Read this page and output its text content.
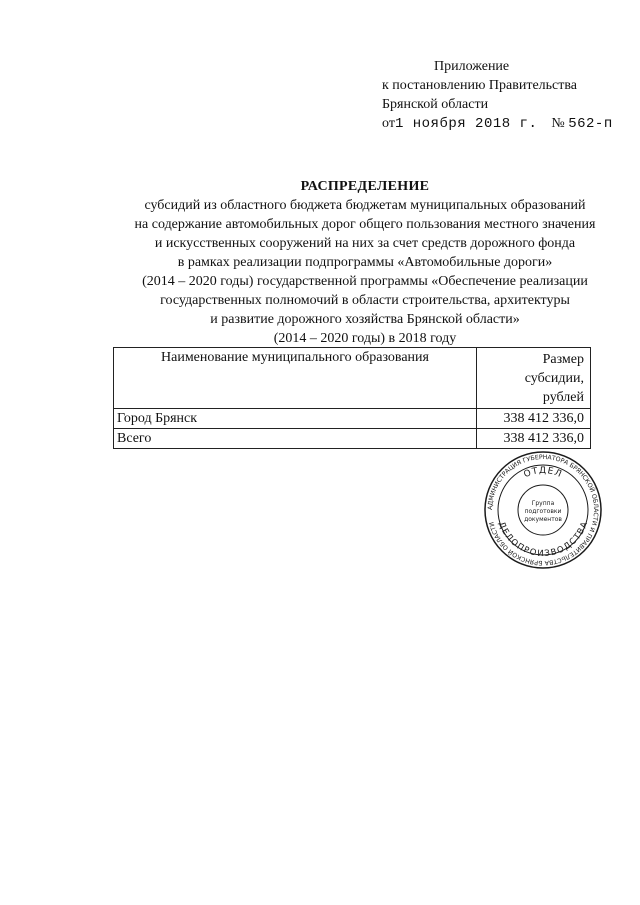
Приложение
к постановлению Правительства
Брянской области
от1 ноября 2018 г. № 562-п
РАСПРЕДЕЛЕНИЕ
субсидий из областного бюджета бюджетам муниципальных образований
на содержание автомобильных дорог общего пользования местного значения
и искусственных сооружений на них за счет средств дорожного фонда
в рамках реализации подпрограммы «Автомобильные дороги»
(2014 – 2020 годы) государственной программы «Обеспечение реализации
государственных полномочий в области строительства, архитектуры
и развитие дорожного хозяйства Брянской области»
(2014 – 2020 годы) в 2018 году
Наименование муниципального образования	Размер
субсидии,
рублей

Город Брянск	338 412 336,0
Всего	338 412 336,0
АДМИНИСТРАЦИЯ ГУБЕРНАТОРА БРЯНСКОЙ ОБЛАСТИ И ПРАВИТЕЛЬСТВА БРЯНСКОЙ ОБЛАСТИ
ОТДЕЛ
ДЕЛОПРОИЗВОДСТВА
Группа
подготовки
документов
